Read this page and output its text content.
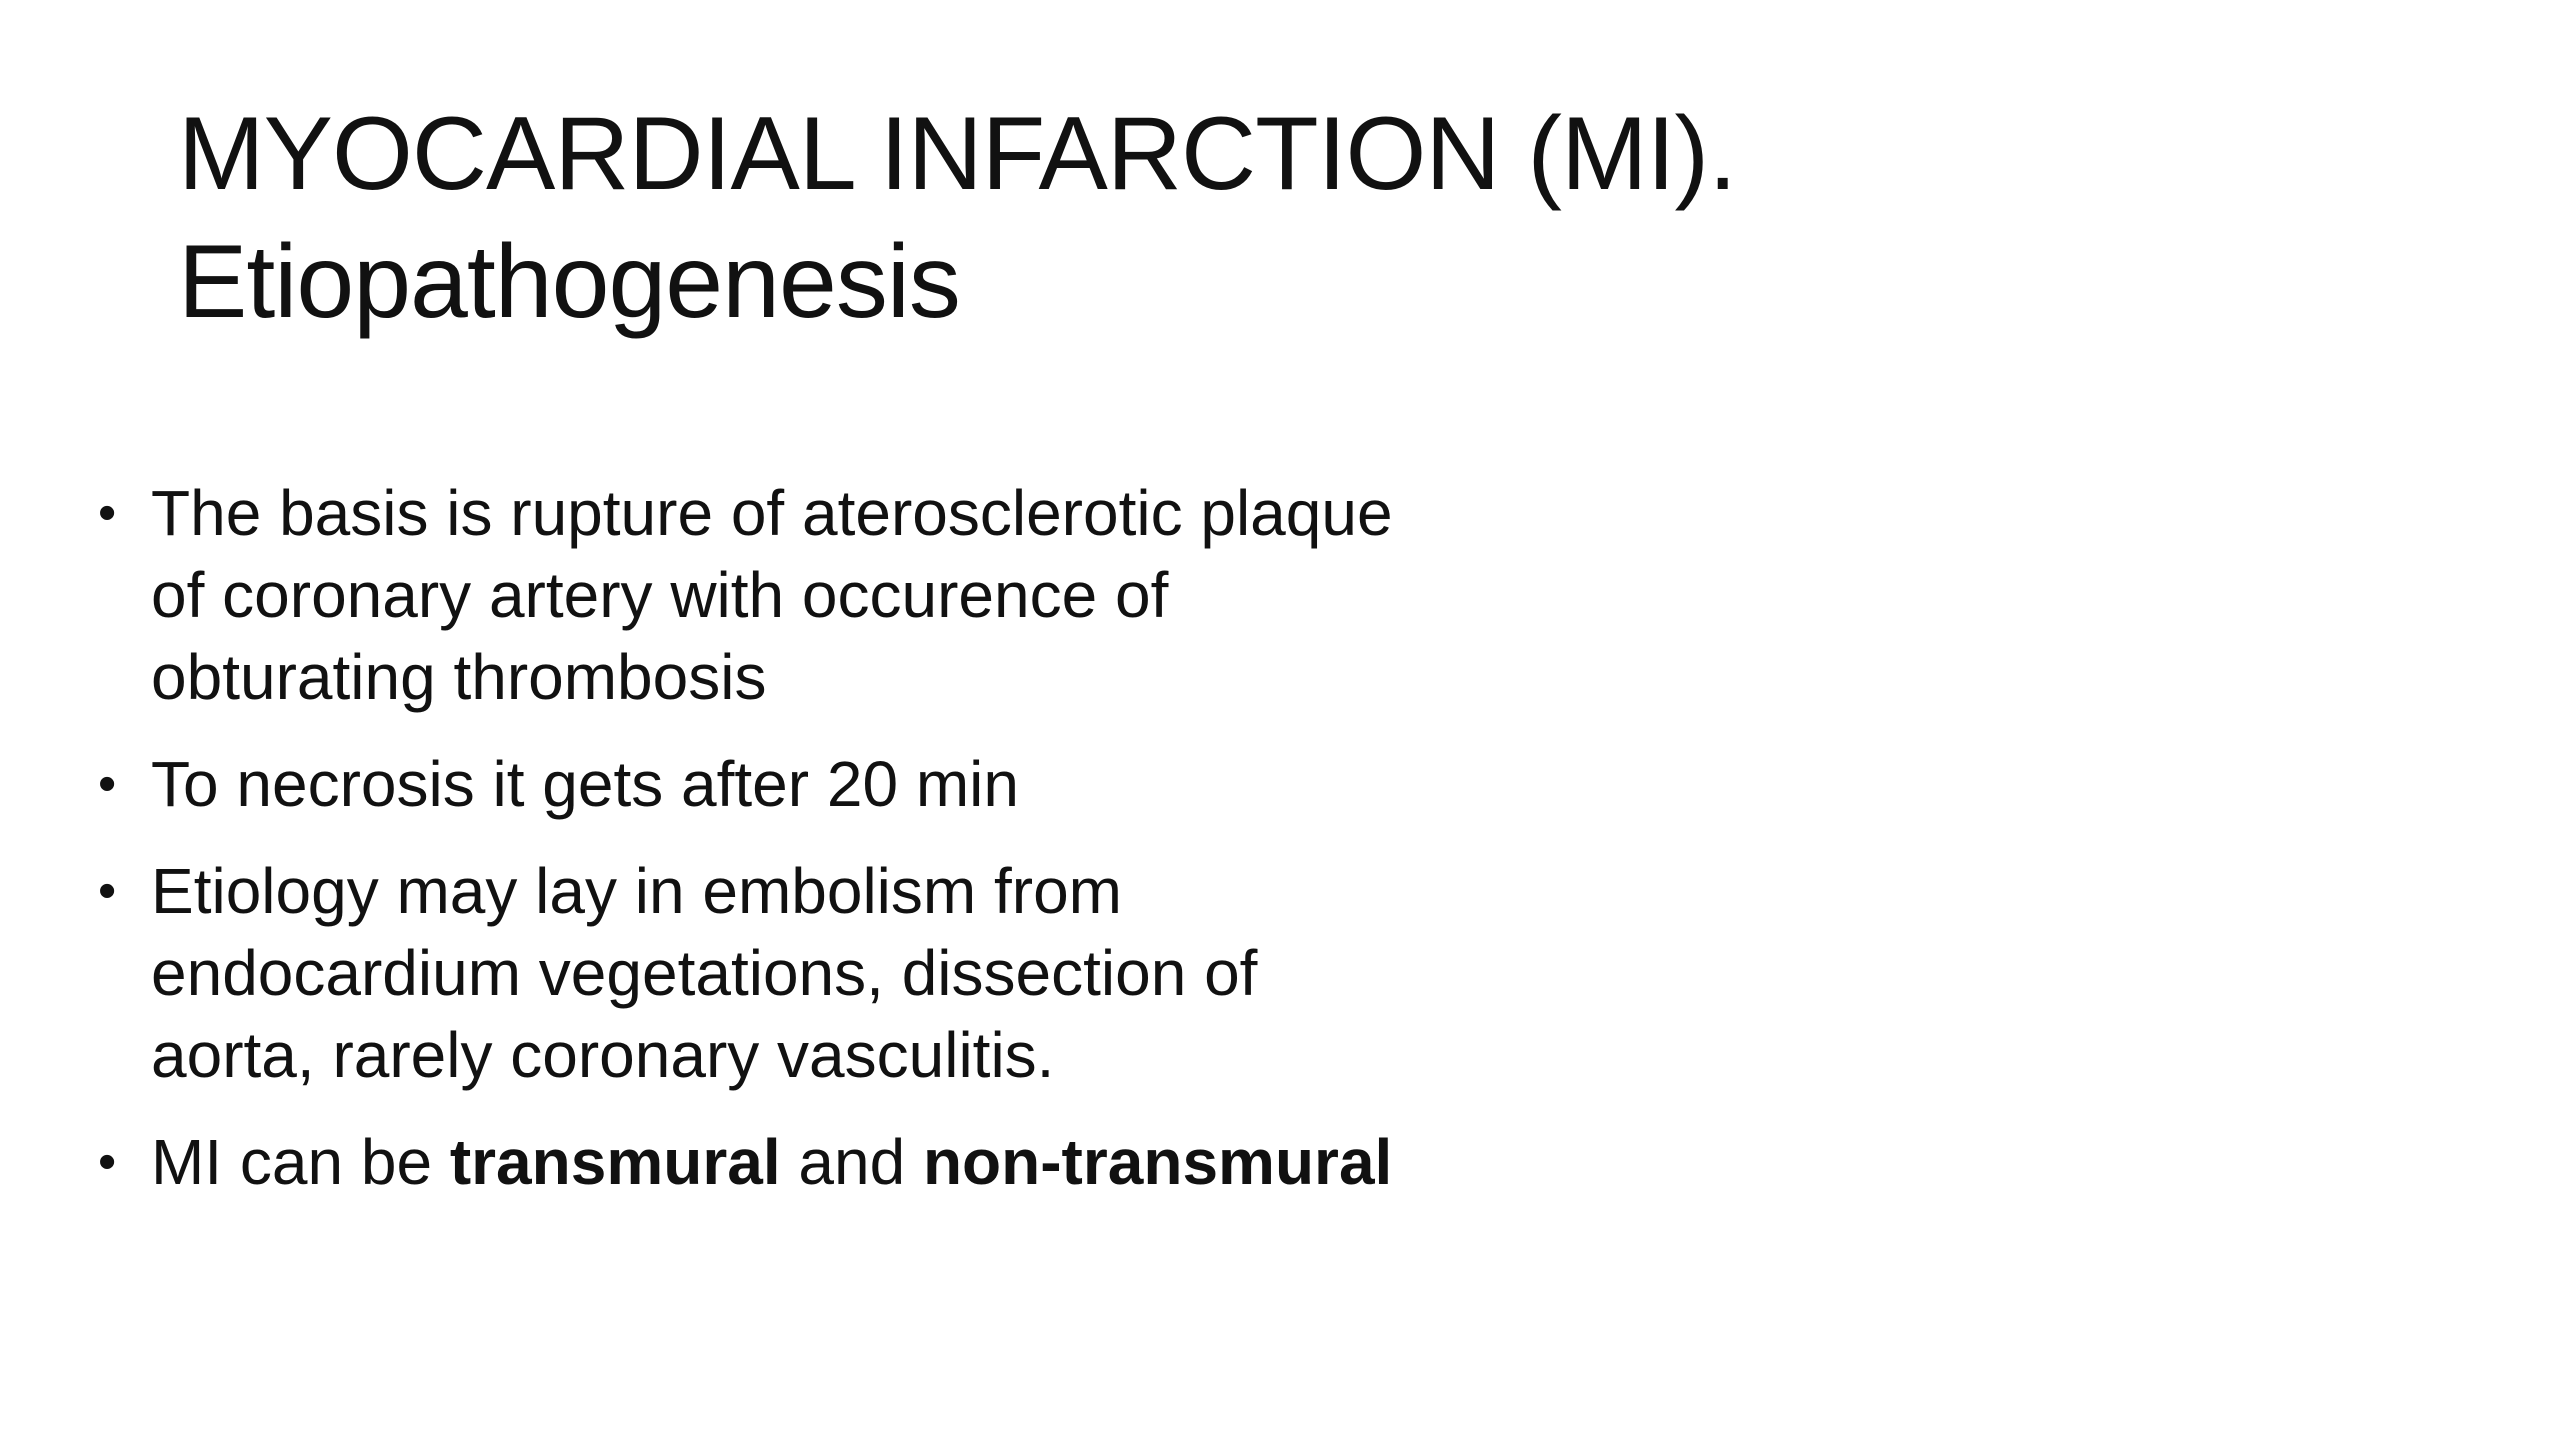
MYOCARDIAL INFARCTION (MI).
Etiopathogenesis
• The basis is rupture of aterosclerotic plaque
of coronary artery with occurence of
obturating thrombosis
• To necrosis it gets after 20 min
• Etiology may lay in embolism from
endocardium vegetations, dissection of
aorta, rarely coronary vasculitis.
• MI can be transmural and non-transmural
